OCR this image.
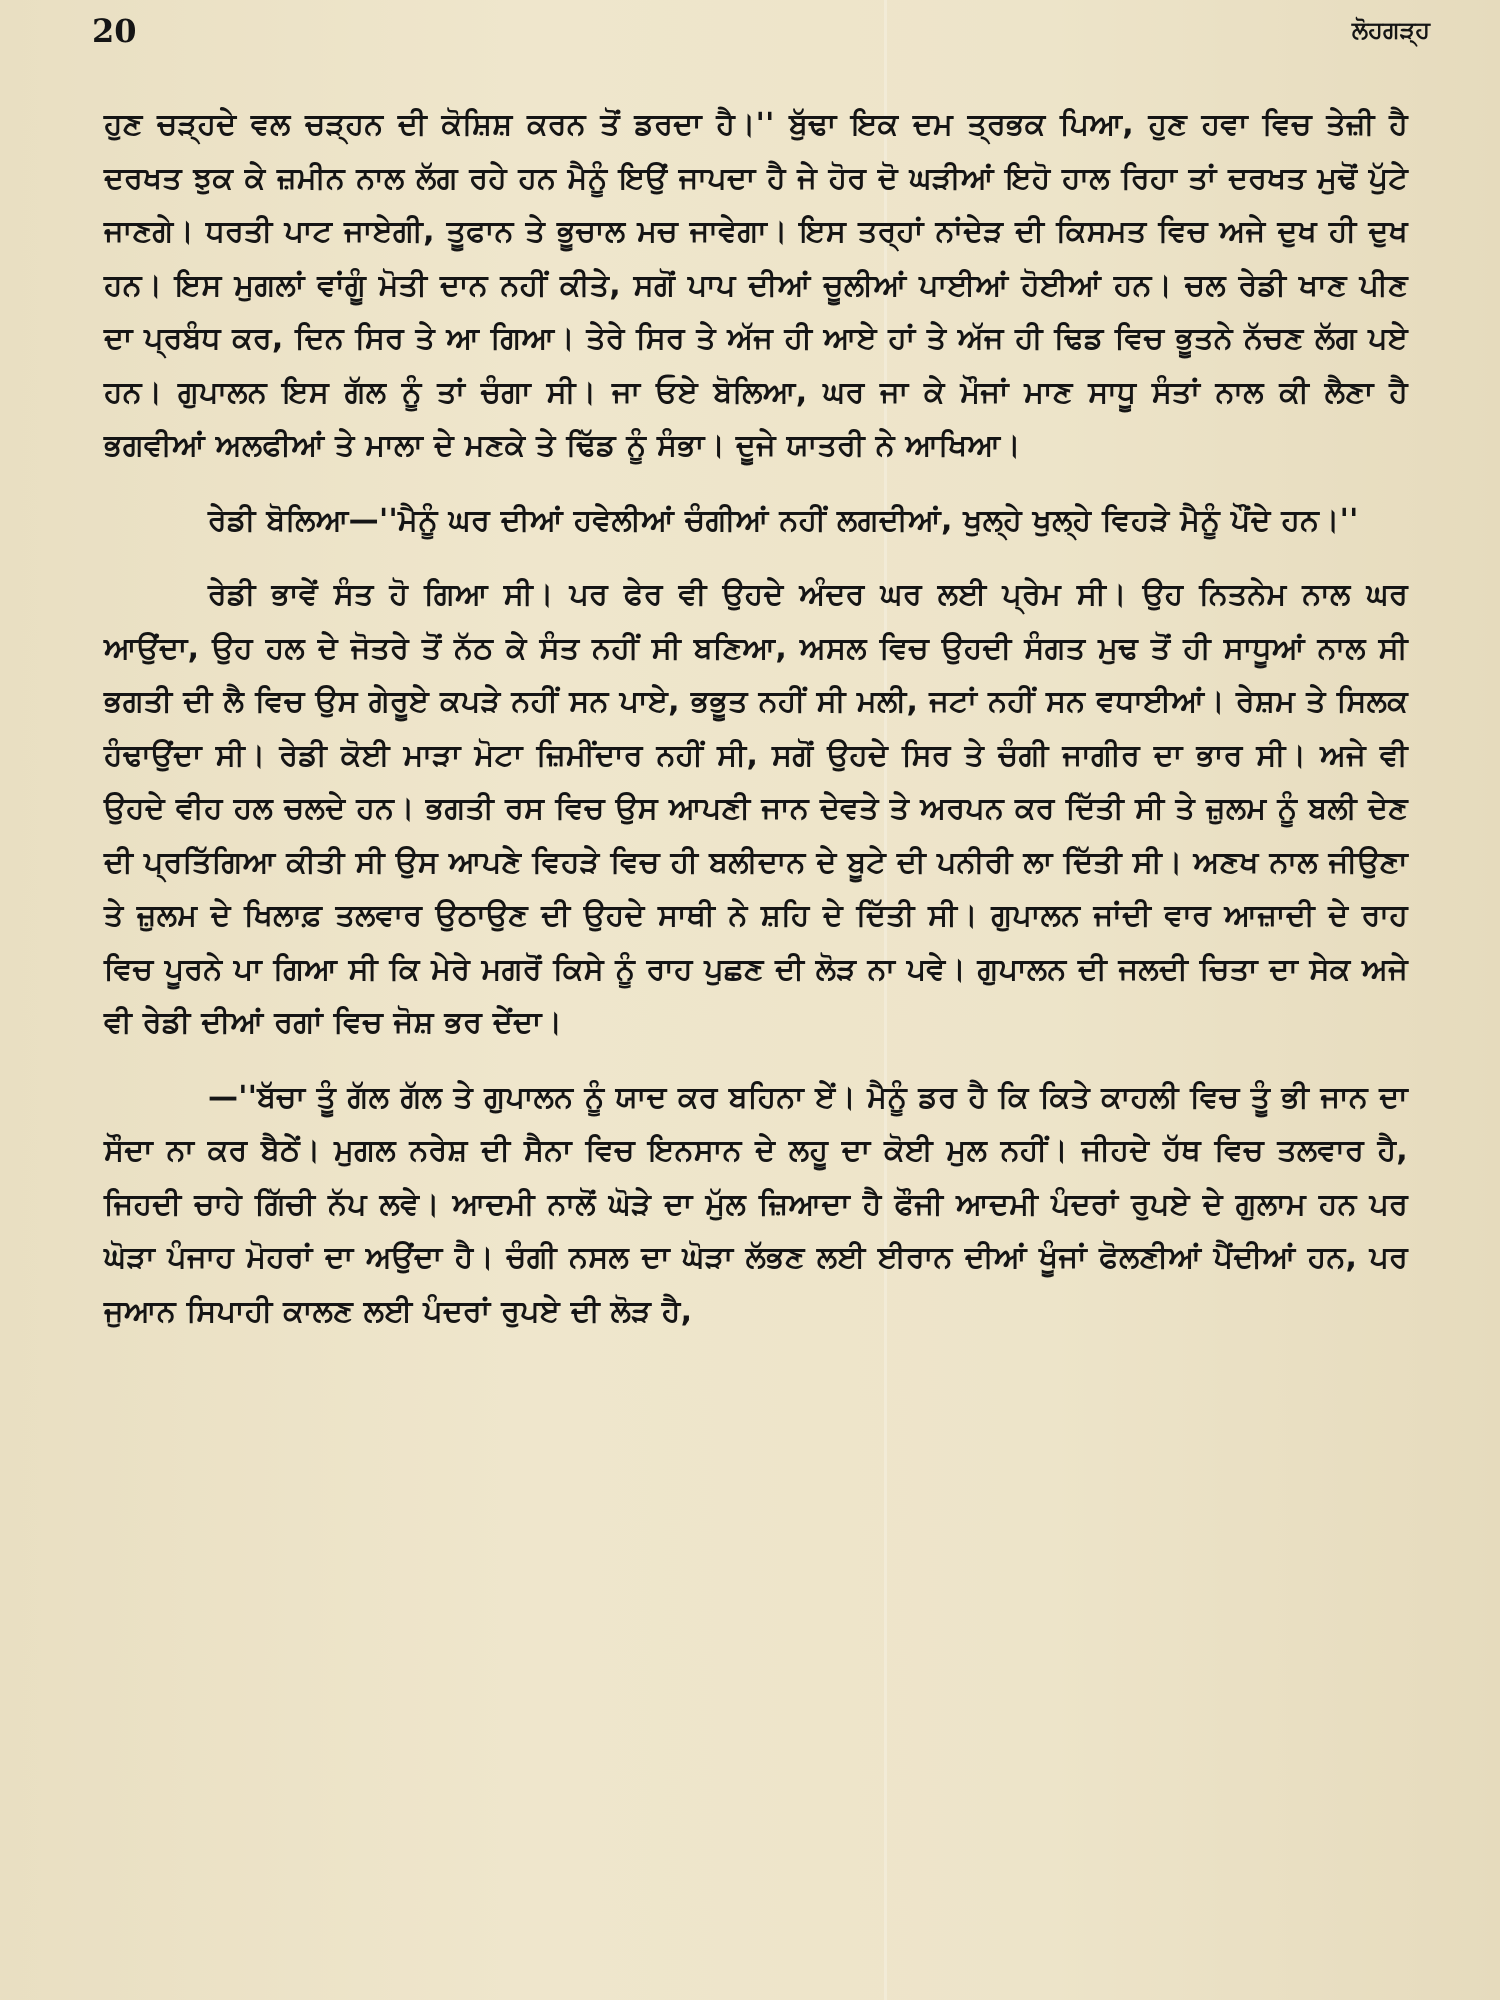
20	ਲੋਹਗੜ੍ਹ

ਹੁਣ ਚੜ੍ਹਦੇ ਵਲ ਚੜ੍ਹਨ ਦੀ ਕੋਸ਼ਿਸ਼ ਕਰਨ ਤੋਂ ਡਰਦਾ ਹੈ।'' ਬੁੱਢਾ ਇਕ ਦਮ ਤ੍ਰਭਕ ਪਿਆ, ਹੁਣ ਹਵਾ ਵਿਚ ਤੇਜ਼ੀ ਹੈ ਦਰਖਤ ਝੁਕ ਕੇ ਜ਼ਮੀਨ ਨਾਲ ਲੱਗ ਰਹੇ ਹਨ ਮੈਨੂੰ ਇਉਂ ਜਾਪਦਾ ਹੈ ਜੇ ਹੋਰ ਦੋ ਘੜੀਆਂ ਇਹੋ ਹਾਲ ਰਿਹਾ ਤਾਂ ਦਰਖਤ ਮੁਢੋਂ ਪੁੱਟੇ ਜਾਣਗੇ। ਧਰਤੀ ਪਾਟ ਜਾਏਗੀ, ਤੂਫਾਨ ਤੇ ਭੂਚਾਲ ਮਚ ਜਾਵੇਗਾ। ਇਸ ਤਰ੍ਹਾਂ ਨਾਂਦੇੜ ਦੀ ਕਿਸਮਤ ਵਿਚ ਅਜੇ ਦੁਖ ਹੀ ਦੁਖ ਹਨ। ਇਸ ਮੁਗਲਾਂ ਵਾਂਗੂੰ ਮੋਤੀ ਦਾਨ ਨਹੀਂ ਕੀਤੇ, ਸਗੋਂ ਪਾਪ ਦੀਆਂ ਚੂਲੀਆਂ ਪਾਈਆਂ ਹੋਈਆਂ ਹਨ। ਚਲ ਰੇਡੀ ਖਾਣ ਪੀਣ ਦਾ ਪ੍ਰਬੰਧ ਕਰ, ਦਿਨ ਸਿਰ ਤੇ ਆ ਗਿਆ। ਤੇਰੇ ਸਿਰ ਤੇ ਅੱਜ ਹੀ ਆਏ ਹਾਂ ਤੇ ਅੱਜ ਹੀ ਢਿਡ ਵਿਚ ਭੂਤਨੇ ਨੱਚਣ ਲੱਗ ਪਏ ਹਨ। ਗੁਪਾਲਨ ਇਸ ਗੱਲ ਨੂੰ ਤਾਂ ਚੰਗਾ ਸੀ। ਜਾ ਓਏ ਬੋਲਿਆ, ਘਰ ਜਾ ਕੇ ਮੌਜਾਂ ਮਾਣ ਸਾਧੂ ਸੰਤਾਂ ਨਾਲ ਕੀ ਲੈਣਾ ਹੈ ਭਗਵੀਆਂ ਅਲਫੀਆਂ ਤੇ ਮਾਲਾ ਦੇ ਮਣਕੇ ਤੇ ਢਿੱਡ ਨੂੰ ਸੰਭਾ। ਦੂਜੇ ਯਾਤਰੀ ਨੇ ਆਖਿਆ।

ਰੇਡੀ ਬੋਲਿਆ—''ਮੈਨੂੰ ਘਰ ਦੀਆਂ ਹਵੇਲੀਆਂ ਚੰਗੀਆਂ ਨਹੀਂ ਲਗਦੀਆਂ, ਖੁਲ੍ਹੇ ਖੁਲ੍ਹੇ ਵਿਹੜੇ ਮੈਨੂੰ ਪੌਂਦੇ ਹਨ।''

ਰੇਡੀ ਭਾਵੇਂ ਸੰਤ ਹੋ ਗਿਆ ਸੀ। ਪਰ ਫੇਰ ਵੀ ਉਹਦੇ ਅੰਦਰ ਘਰ ਲਈ ਪ੍ਰੇਮ ਸੀ। ਉਹ ਨਿਤਨੇਮ ਨਾਲ ਘਰ ਆਉਂਦਾ, ਉਹ ਹਲ ਦੇ ਜੋਤਰੇ ਤੋਂ ਨੱਠ ਕੇ ਸੰਤ ਨਹੀਂ ਸੀ ਬਣਿਆ, ਅਸਲ ਵਿਚ ਉਹਦੀ ਸੰਗਤ ਮੁਢ ਤੋਂ ਹੀ ਸਾਧੂਆਂ ਨਾਲ ਸੀ ਭਗਤੀ ਦੀ ਲੈ ਵਿਚ ਉਸ ਗੇਰੂਏ ਕਪੜੇ ਨਹੀਂ ਸਨ ਪਾਏ, ਭਭੂਤ ਨਹੀਂ ਸੀ ਮਲੀ, ਜਟਾਂ ਨਹੀਂ ਸਨ ਵਧਾਈਆਂ। ਰੇਸ਼ਮ ਤੇ ਸਿਲਕ ਹੰਢਾਉਂਦਾ ਸੀ। ਰੇਡੀ ਕੋਈ ਮਾੜਾ ਮੋਟਾ ਜ਼ਿਮੀਂਦਾਰ ਨਹੀਂ ਸੀ, ਸਗੋਂ ਉਹਦੇ ਸਿਰ ਤੇ ਚੰਗੀ ਜਾਗੀਰ ਦਾ ਭਾਰ ਸੀ। ਅਜੇ ਵੀ ਉਹਦੇ ਵੀਹ ਹਲ ਚਲਦੇ ਹਨ। ਭਗਤੀ ਰਸ ਵਿਚ ਉਸ ਆਪਣੀ ਜਾਨ ਦੇਵਤੇ ਤੇ ਅਰਪਨ ਕਰ ਦਿੱਤੀ ਸੀ ਤੇ ਜ਼ੁਲਮ ਨੂੰ ਬਲੀ ਦੇਣ ਦੀ ਪ੍ਰਤਿੱਗਿਆ ਕੀਤੀ ਸੀ ਉਸ ਆਪਣੇ ਵਿਹੜੇ ਵਿਚ ਹੀ ਬਲੀਦਾਨ ਦੇ ਬੂਟੇ ਦੀ ਪਨੀਰੀ ਲਾ ਦਿੱਤੀ ਸੀ। ਅਣਖ ਨਾਲ ਜੀਉਣਾ ਤੇ ਜ਼ੁਲਮ ਦੇ ਖਿਲਾਫ਼ ਤਲਵਾਰ ਉਠਾਉਣ ਦੀ ਉਹਦੇ ਸਾਥੀ ਨੇ ਸ਼ਹਿ ਦੇ ਦਿੱਤੀ ਸੀ। ਗੁਪਾਲਨ ਜਾਂਦੀ ਵਾਰ ਆਜ਼ਾਦੀ ਦੇ ਰਾਹ ਵਿਚ ਪੂਰਨੇ ਪਾ ਗਿਆ ਸੀ ਕਿ ਮੇਰੇ ਮਗਰੋਂ ਕਿਸੇ ਨੂੰ ਰਾਹ ਪੁਛਣ ਦੀ ਲੋੜ ਨਾ ਪਵੇ। ਗੁਪਾਲਨ ਦੀ ਜਲਦੀ ਚਿਤਾ ਦਾ ਸੇਕ ਅਜੇ ਵੀ ਰੇਡੀ ਦੀਆਂ ਰਗਾਂ ਵਿਚ ਜੋਸ਼ ਭਰ ਦੇਂਦਾ।

—''ਬੱਚਾ ਤੂੰ ਗੱਲ ਗੱਲ ਤੇ ਗੁਪਾਲਨ ਨੂੰ ਯਾਦ ਕਰ ਬਹਿਨਾ ਏਂ। ਮੈਨੂੰ ਡਰ ਹੈ ਕਿ ਕਿਤੇ ਕਾਹਲੀ ਵਿਚ ਤੂੰ ਭੀ ਜਾਨ ਦਾ ਸੌਦਾ ਨਾ ਕਰ ਬੈਠੇਂ। ਮੁਗਲ ਨਰੇਸ਼ ਦੀ ਸੈਨਾ ਵਿਚ ਇਨਸਾਨ ਦੇ ਲਹੂ ਦਾ ਕੋਈ ਮੁਲ ਨਹੀਂ। ਜੀਹਦੇ ਹੱਥ ਵਿਚ ਤਲਵਾਰ ਹੈ, ਜਿਹਦੀ ਚਾਹੇ ਗਿੱਚੀ ਨੱਪ ਲਵੇ। ਆਦਮੀ ਨਾਲੋਂ ਘੋੜੇ ਦਾ ਮੁੱਲ ਜ਼ਿਆਦਾ ਹੈ ਫੌਜੀ ਆਦਮੀ ਪੰਦਰਾਂ ਰੁਪਏ ਦੇ ਗੁਲਾਮ ਹਨ ਪਰ ਘੋੜਾ ਪੰਜਾਹ ਮੋਹਰਾਂ ਦਾ ਅਉਂਦਾ ਹੈ। ਚੰਗੀ ਨਸਲ ਦਾ ਘੋੜਾ ਲੱਭਣ ਲਈ ਈਰਾਨ ਦੀਆਂ ਖੂੰਜਾਂ ਫੋਲਣੀਆਂ ਪੈਂਦੀਆਂ ਹਨ, ਪਰ ਜੁਆਨ ਸਿਪਾਹੀ ਕਾਲਣ ਲਈ ਪੰਦਰਾਂ ਰੁਪਏ ਦੀ ਲੋੜ ਹੈ,
